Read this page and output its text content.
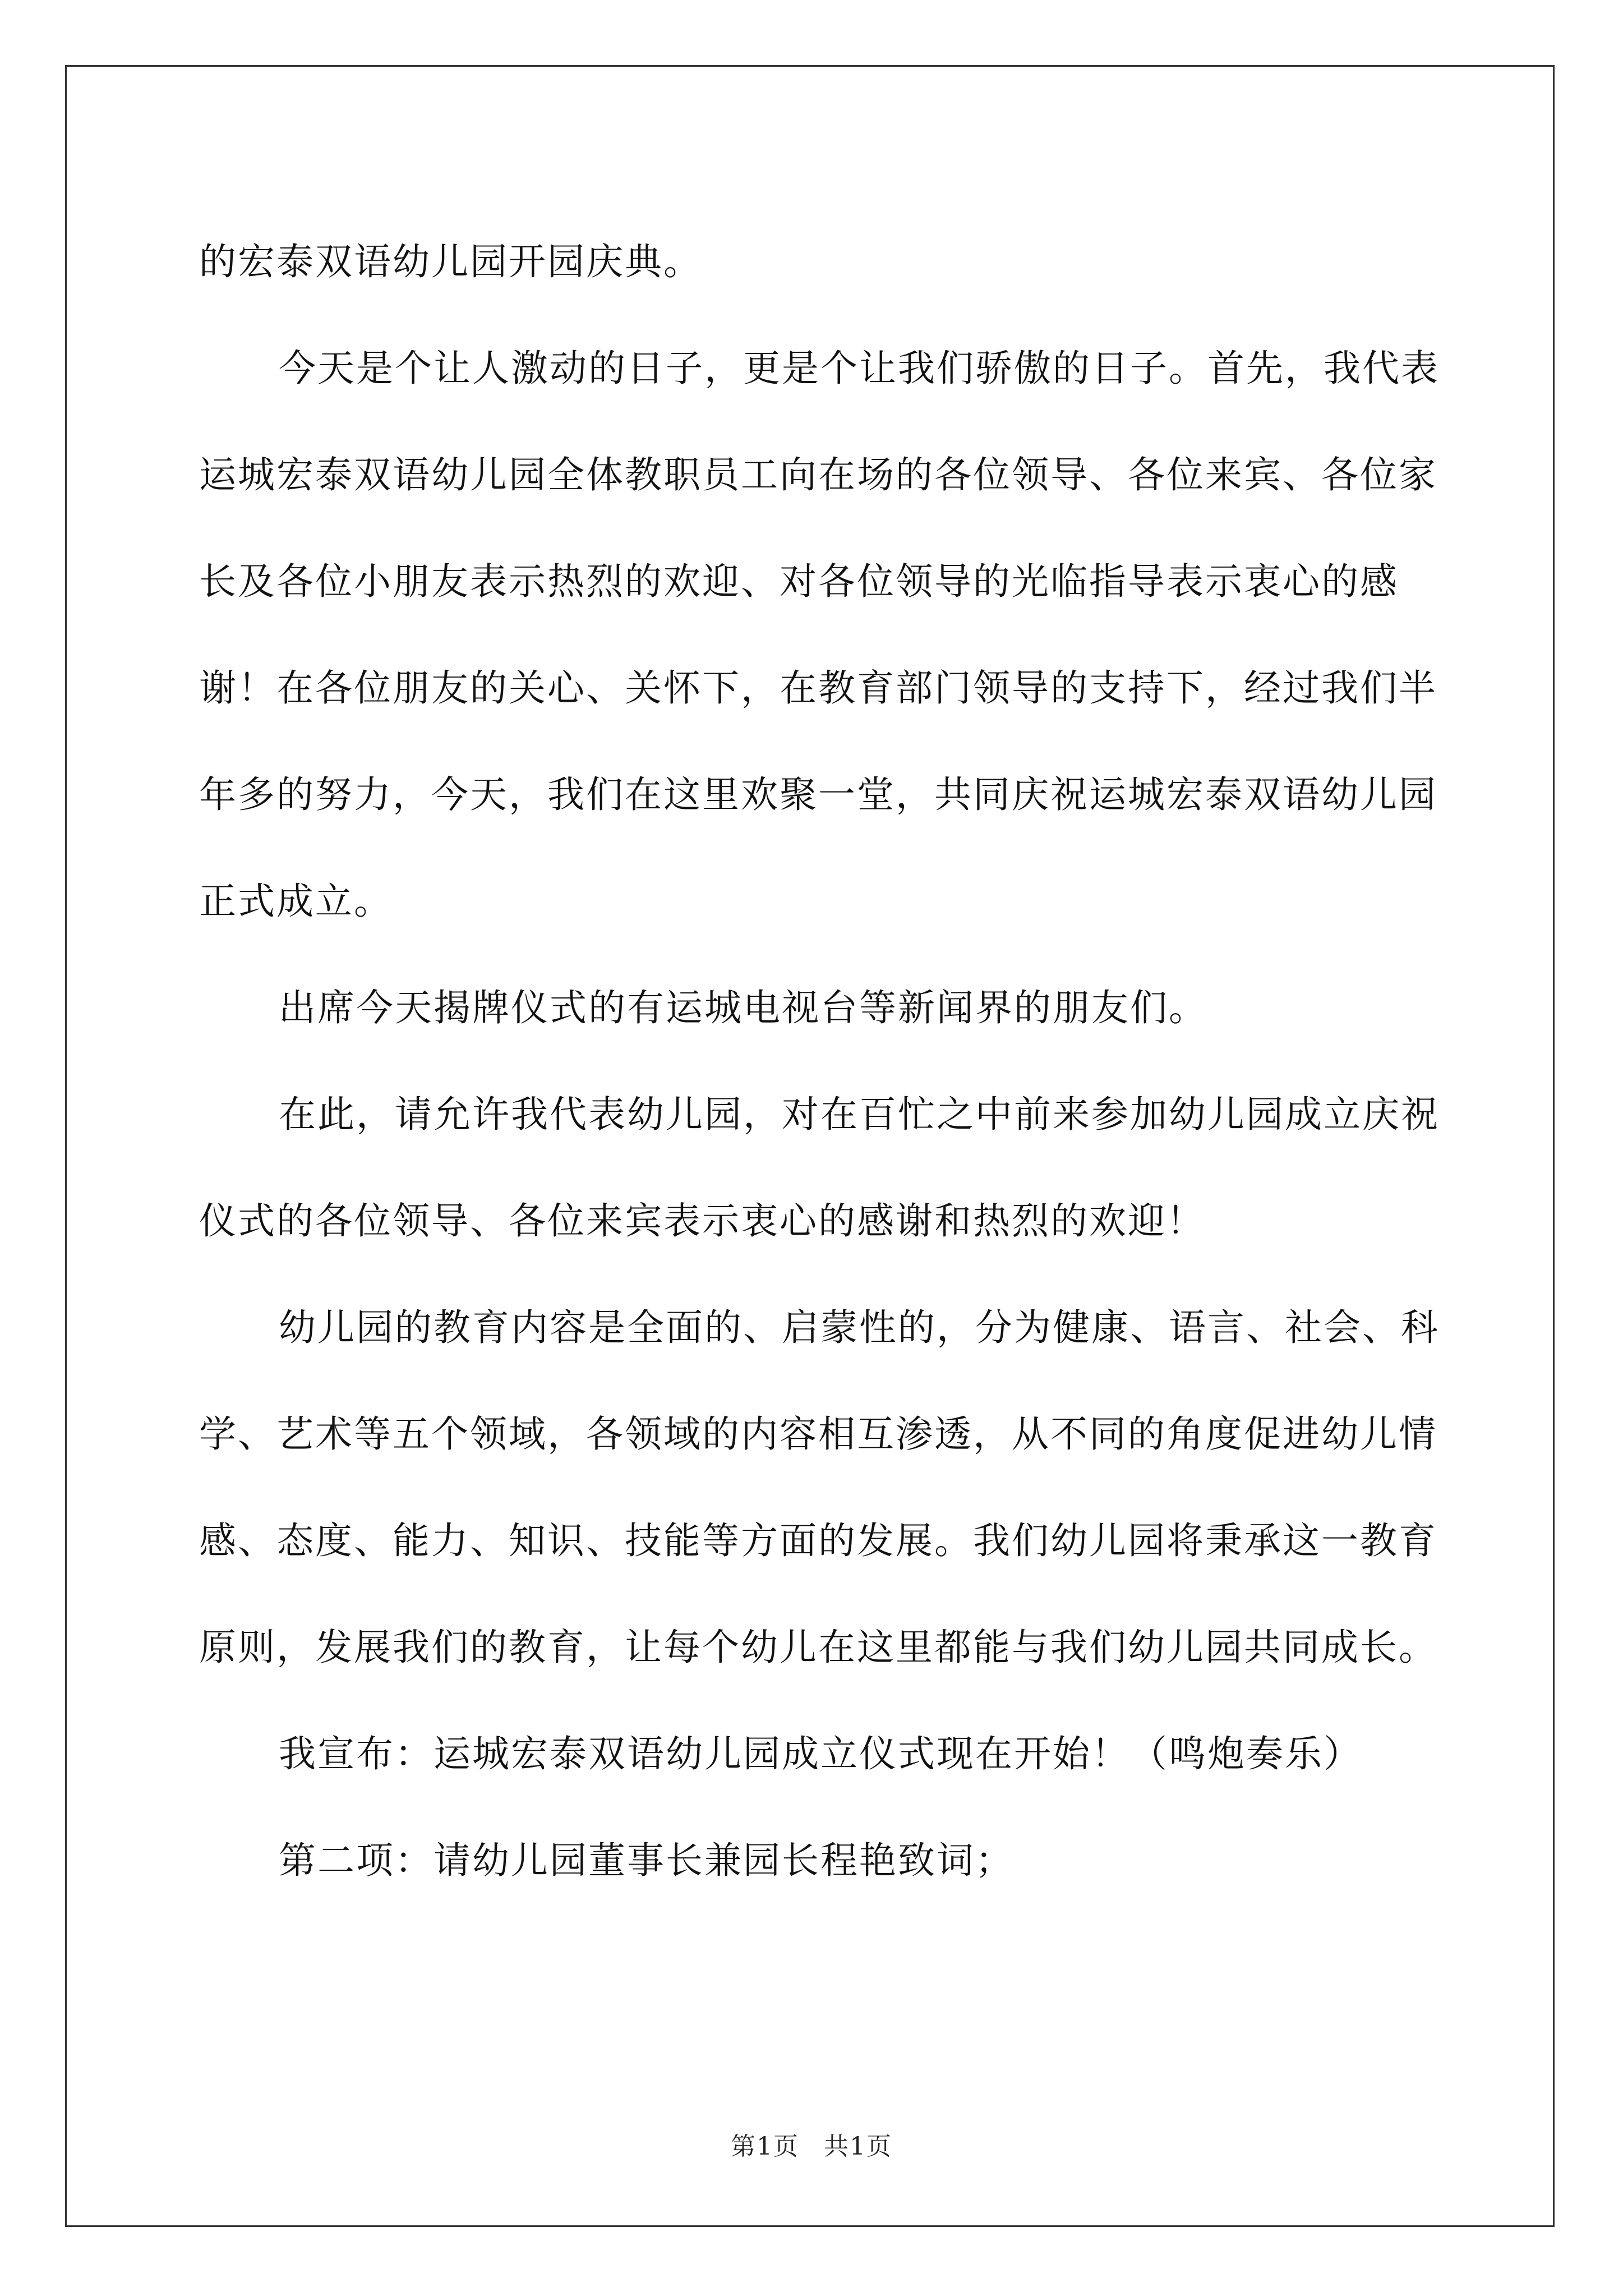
的宏泰双语幼儿园开园庆典。

今天是个让人激动的日子，更是个让我们骄傲的日子。首先，我代表运城宏泰双语幼儿园全体教职员工向在场的各位领导、各位来宾、各位家长及各位小朋友表示热烈的欢迎、对各位领导的光临指导表示衷心的感谢！在各位朋友的关心、关怀下，在教育部门领导的支持下，经过我们半年多的努力，今天，我们在这里欢聚一堂，共同庆祝运城宏泰双语幼儿园正式成立。

出席今天揭牌仪式的有运城电视台等新闻界的朋友们。

在此，请允许我代表幼儿园，对在百忙之中前来参加幼儿园成立庆祝仪式的各位领导、各位来宾表示衷心的感谢和热烈的欢迎！

幼儿园的教育内容是全面的、启蒙性的，分为健康、语言、社会、科学、艺术等五个领域，各领域的内容相互渗透，从不同的角度促进幼儿情感、态度、能力、知识、技能等方面的发展。我们幼儿园将秉承这一教育原则，发展我们的教育，让每个幼儿在这里都能与我们幼儿园共同成长。

我宣布：运城宏泰双语幼儿园成立仪式现在开始！（鸣炮奏乐）

第二项：请幼儿园董事长兼园长程艳致词；

第1页 共1页
